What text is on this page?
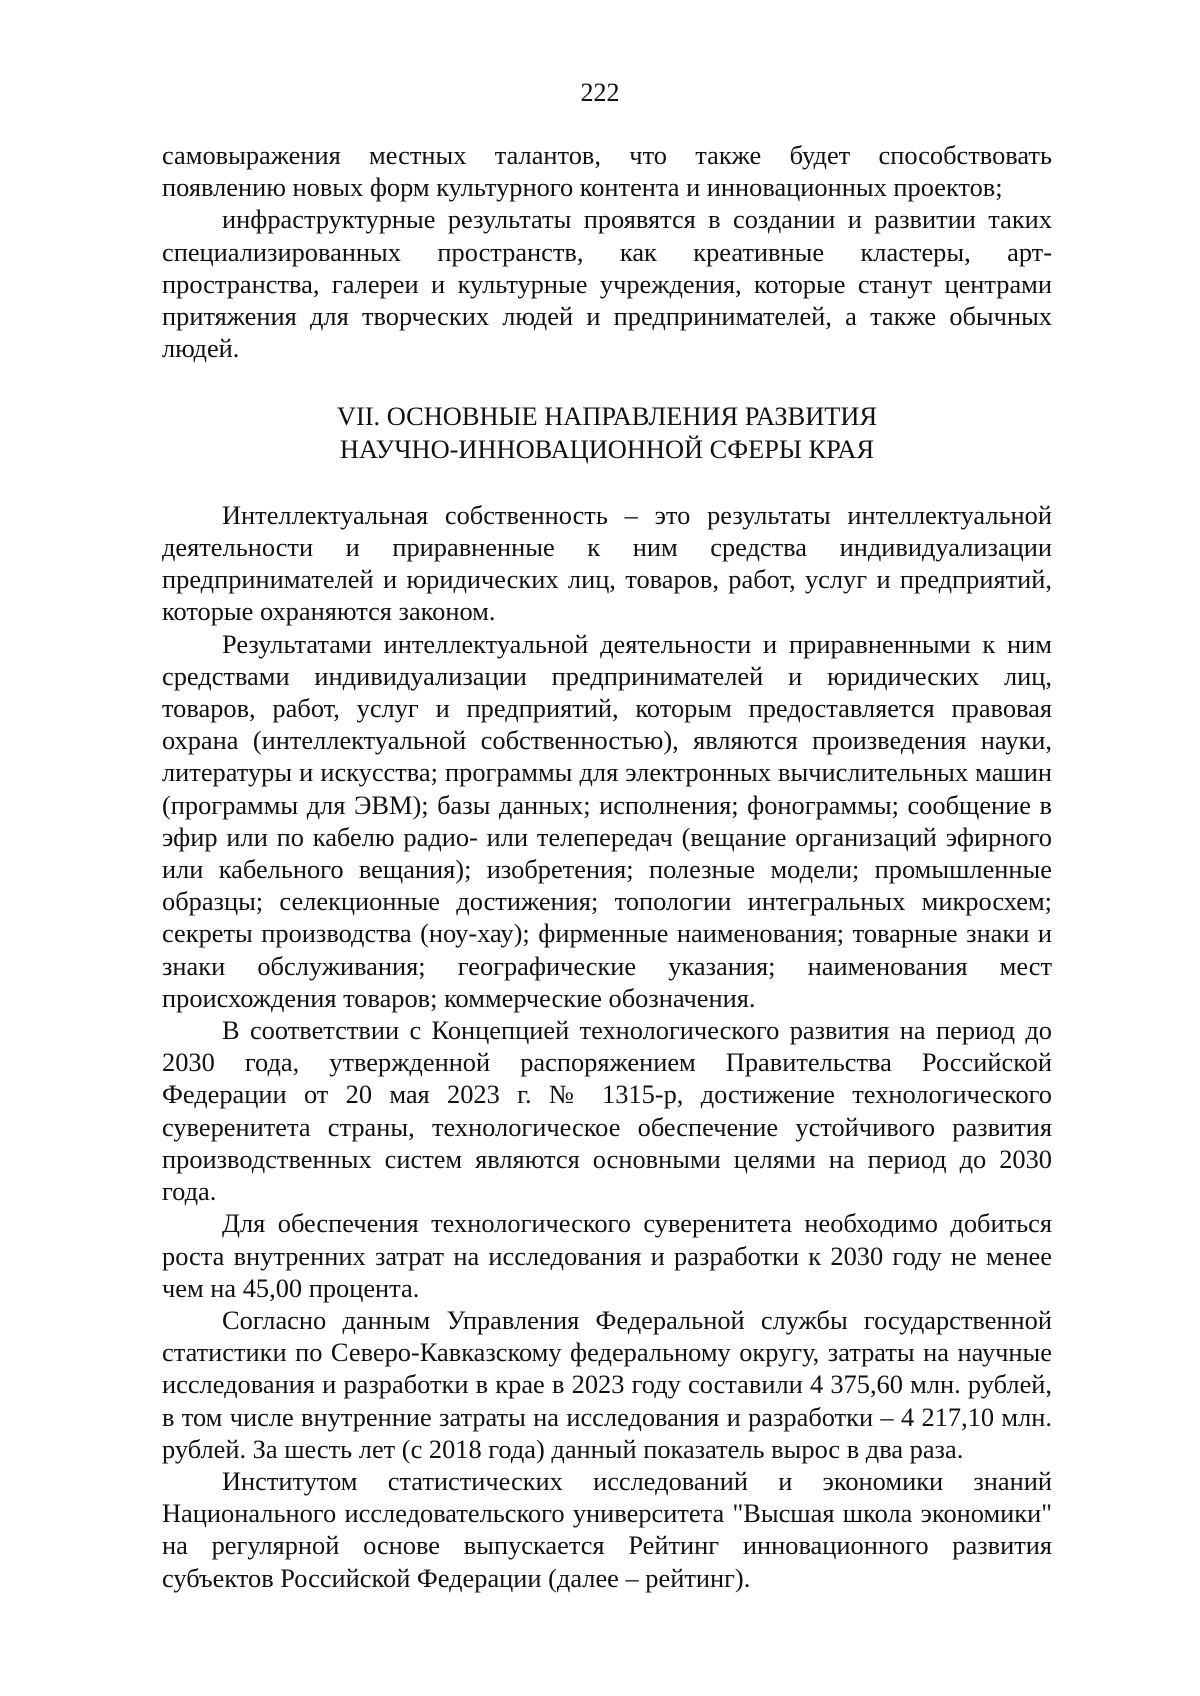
222

самовыражения местных талантов, что также будет способствовать появлению новых форм культурного контента и инновационных проектов;

инфраструктурные результаты проявятся в создании и развитии таких специализированных пространств, как креативные кластеры, арт-пространства, галереи и культурные учреждения, которые станут центрами притяжения для творческих людей и предпринимателей, а также обычных людей.

VII. ОСНОВНЫЕ НАПРАВЛЕНИЯ РАЗВИТИЯ
НАУЧНО-ИННОВАЦИОННОЙ СФЕРЫ КРАЯ

Интеллектуальная собственность – это результаты интеллектуальной деятельности и приравненные к ним средства индивидуализации предпринимателей и юридических лиц, товаров, работ, услуг и предприятий, которые охраняются законом.

Результатами интеллектуальной деятельности и приравненными к ним средствами индивидуализации предпринимателей и юридических лиц, товаров, работ, услуг и предприятий, которым предоставляется правовая охрана (интеллектуальной собственностью), являются произведения науки, литературы и искусства; программы для электронных вычислительных машин (программы для ЭВМ); базы данных; исполнения; фонограммы; сообщение в эфир или по кабелю радио- или телепередач (вещание организаций эфирного или кабельного вещания); изобретения; полезные модели; промышленные образцы; селекционные достижения; топологии интегральных микросхем; секреты производства (ноу-хау); фирменные наименования; товарные знаки и знаки обслуживания; географические указания; наименования мест происхождения товаров; коммерческие обозначения.

В соответствии с Концепцией технологического развития на период до 2030 года, утвержденной распоряжением Правительства Российской Федерации от 20 мая 2023 г. № 1315-р, достижение технологического суверенитета страны, технологическое обеспечение устойчивого развития производственных систем являются основными целями на период до 2030 года.

Для обеспечения технологического суверенитета необходимо добиться роста внутренних затрат на исследования и разработки к 2030 году не менее чем на 45,00 процента.

Согласно данным Управления Федеральной службы государственной статистики по Северо-Кавказскому федеральному округу, затраты на научные исследования и разработки в крае в 2023 году составили 4 375,60 млн. рублей, в том числе внутренние затраты на исследования и разработки – 4 217,10 млн. рублей. За шесть лет (с 2018 года) данный показатель вырос в два раза.

Институтом статистических исследований и экономики знаний Национального исследовательского университета "Высшая школа экономики" на регулярной основе выпускается Рейтинг инновационного развития субъектов Российской Федерации (далее – рейтинг).
